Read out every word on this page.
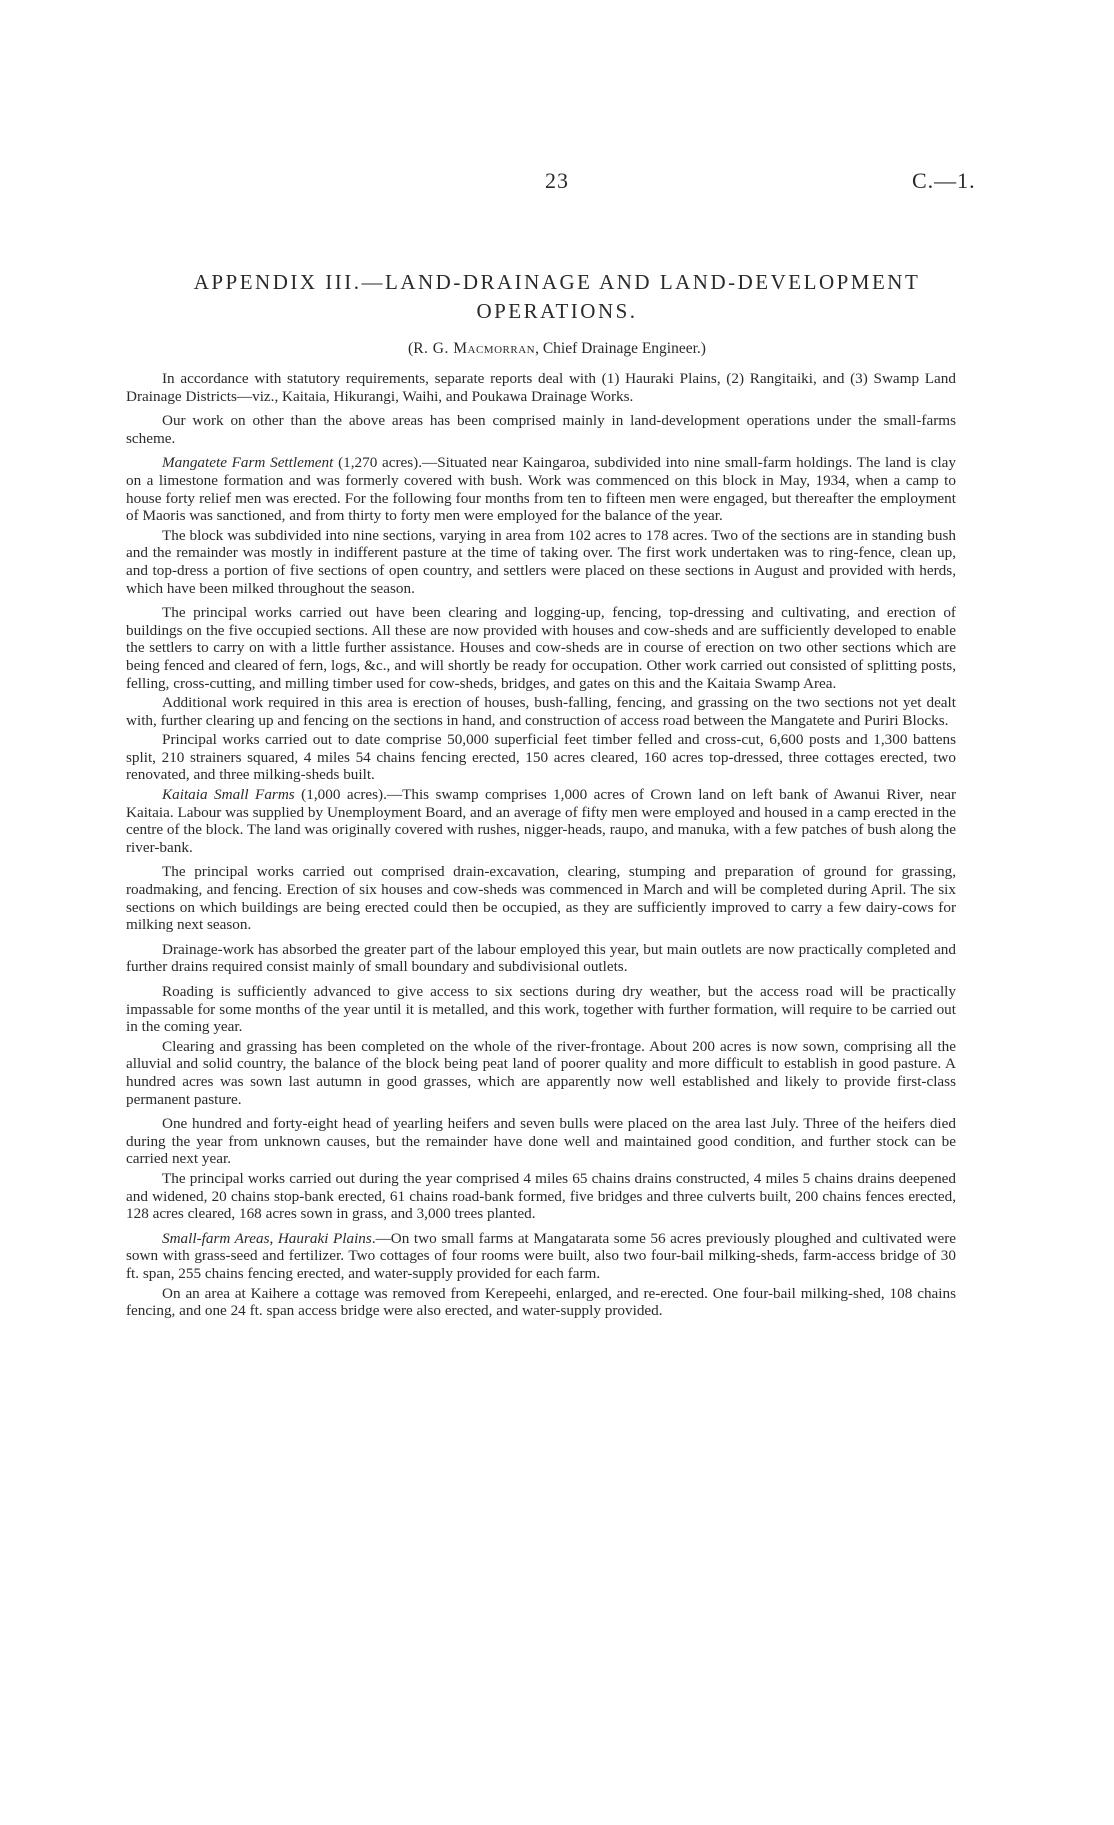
23	C.—1.
APPENDIX III.—LAND-DRAINAGE AND LAND-DEVELOPMENT
OPERATIONS.
(R. G. Macmorran, Chief Drainage Engineer.)

In accordance with statutory requirements, separate reports deal with (1) Hauraki Plains, (2) Rangitaiki, and (3) Swamp Land Drainage Districts—viz., Kaitaia, Hikurangi, Waihi, and Poukawa Drainage Works.

Our work on other than the above areas has been comprised mainly in land-development operations under the small-farms scheme.

Mangatete Farm Settlement (1,270 acres).—Situated near Kaingaroa, subdivided into nine small-farm holdings. The land is clay on a limestone formation and was formerly covered with bush. Work was commenced on this block in May, 1934, when a camp to house forty relief men was erected. For the following four months from ten to fifteen men were engaged, but thereafter the employment of Maoris was sanctioned, and from thirty to forty men were employed for the balance of the year.

The block was subdivided into nine sections, varying in area from 102 acres to 178 acres. Two of the sections are in standing bush and the remainder was mostly in indifferent pasture at the time of taking over. The first work undertaken was to ring-fence, clean up, and top-dress a portion of five sections of open country, and settlers were placed on these sections in August and provided with herds, which have been milked throughout the season.

The principal works carried out have been clearing and logging-up, fencing, top-dressing and cultivating, and erection of buildings on the five occupied sections. All these are now provided with houses and cow-sheds and are sufficiently developed to enable the settlers to carry on with a little further assistance. Houses and cow-sheds are in course of erection on two other sections which are being fenced and cleared of fern, logs, &c., and will shortly be ready for occupation. Other work carried out consisted of splitting posts, felling, cross-cutting, and milling timber used for cow-sheds, bridges, and gates on this and the Kaitaia Swamp Area.

Additional work required in this area is erection of houses, bush-falling, fencing, and grassing on the two sections not yet dealt with, further clearing up and fencing on the sections in hand, and construction of access road between the Mangatete and Puriri Blocks.

Principal works carried out to date comprise 50,000 superficial feet timber felled and cross-cut, 6,600 posts and 1,300 battens split, 210 strainers squared, 4 miles 54 chains fencing erected, 150 acres cleared, 160 acres top-dressed, three cottages erected, two renovated, and three milking-sheds built.

Kaitaia Small Farms (1,000 acres).—This swamp comprises 1,000 acres of Crown land on left bank of Awanui River, near Kaitaia. Labour was supplied by Unemployment Board, and an average of fifty men were employed and housed in a camp erected in the centre of the block. The land was originally covered with rushes, nigger-heads, raupo, and manuka, with a few patches of bush along the river-bank.

The principal works carried out comprised drain-excavation, clearing, stumping and preparation of ground for grassing, roadmaking, and fencing. Erection of six houses and cow-sheds was commenced in March and will be completed during April. The six sections on which buildings are being erected could then be occupied, as they are sufficiently improved to carry a few dairy-cows for milking next season.

Drainage-work has absorbed the greater part of the labour employed this year, but main outlets are now practically completed and further drains required consist mainly of small boundary and subdivisional outlets.

Roading is sufficiently advanced to give access to six sections during dry weather, but the access road will be practically impassable for some months of the year until it is metalled, and this work, together with further formation, will require to be carried out in the coming year.

Clearing and grassing has been completed on the whole of the river-frontage. About 200 acres is now sown, comprising all the alluvial and solid country, the balance of the block being peat land of poorer quality and more difficult to establish in good pasture. A hundred acres was sown last autumn in good grasses, which are apparently now well established and likely to provide first-class permanent pasture.

One hundred and forty-eight head of yearling heifers and seven bulls were placed on the area last July. Three of the heifers died during the year from unknown causes, but the remainder have done well and maintained good condition, and further stock can be carried next year.

The principal works carried out during the year comprised 4 miles 65 chains drains constructed, 4 miles 5 chains drains deepened and widened, 20 chains stop-bank erected, 61 chains road-bank formed, five bridges and three culverts built, 200 chains fences erected, 128 acres cleared, 168 acres sown in grass, and 3,000 trees planted.

Small-farm Areas, Hauraki Plains.—On two small farms at Mangatarata some 56 acres previously ploughed and cultivated were sown with grass-seed and fertilizer. Two cottages of four rooms were built, also two four-bail milking-sheds, farm-access bridge of 30 ft. span, 255 chains fencing erected, and water-supply provided for each farm.

On an area at Kaihere a cottage was removed from Kerepeehi, enlarged, and re-erected. One four-bail milking-shed, 108 chains fencing, and one 24 ft. span access bridge were also erected, and water-supply provided.
